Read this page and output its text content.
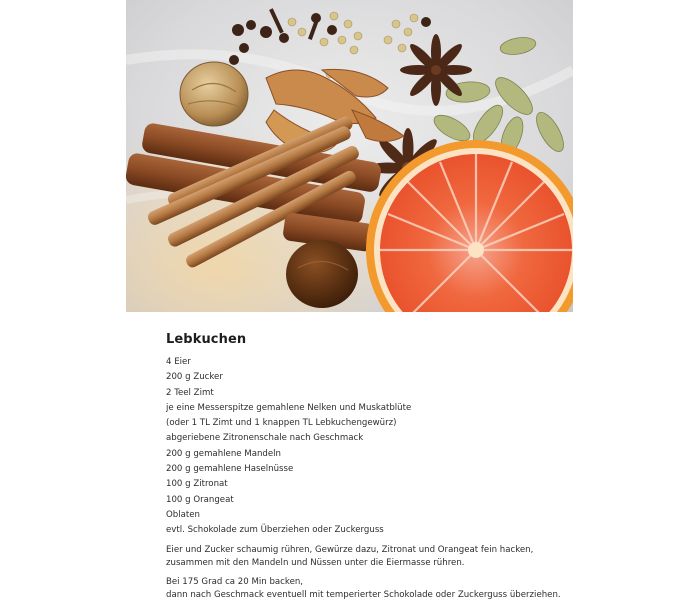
Lebkuchen
4 Eier
200 g Zucker
2 Teel Zimt
je eine Messerspitze gemahlene Nelken und Muskatblüte
(oder 1 TL Zimt und 1 knappen TL Lebkuchengewürz)
abgeriebene Zitronenschale nach Geschmack
200 g gemahlene Mandeln
200 g gemahlene Haselnüsse
100 g Zitronat
100 g Orangeat
Oblaten
evtl. Schokolade zum Überziehen oder Zuckerguss

Eier und Zucker schaumig rühren, Gewürze dazu, Zitronat und Orangeat fein hacken,
zusammen mit den Mandeln und Nüssen unter die Eiermasse rühren.

Bei 175 Grad ca 20 Min backen,
dann nach Geschmack eventuell mit temperierter Schokolade oder Zuckerguss überziehen.
